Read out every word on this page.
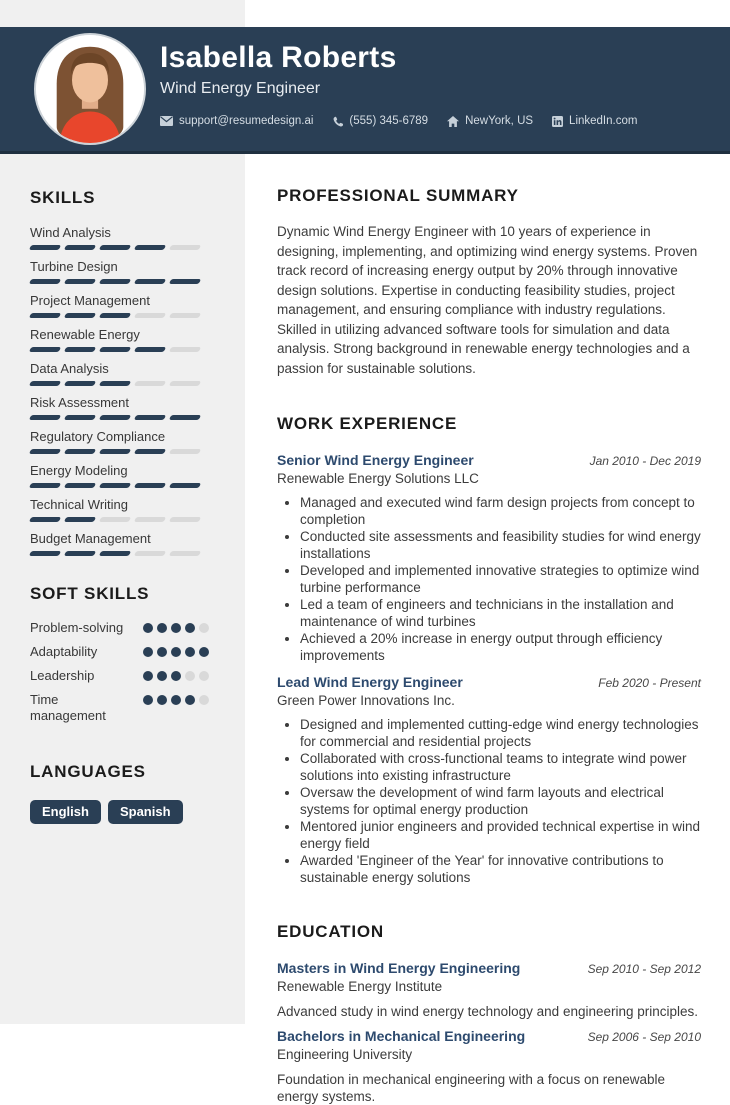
Isabella Roberts
Wind Energy Engineer
support@resumedesign.ai	(555) 345-6789	NewYork, US	LinkedIn.com
SKILLS
Wind Analysis
Turbine Design
Project Management
Renewable Energy
Data Analysis
Risk Assessment
Regulatory Compliance
Energy Modeling
Technical Writing
Budget Management
SOFT SKILLS
Problem-solving
Adaptability
Leadership
Time management
LANGUAGES
English	Spanish
PROFESSIONAL SUMMARY

Dynamic Wind Energy Engineer with 10 years of experience in designing, implementing, and optimizing wind energy systems. Proven track record of increasing energy output by 20% through innovative design solutions. Expertise in conducting feasibility studies, project management, and ensuring compliance with industry regulations. Skilled in utilizing advanced software tools for simulation and data analysis. Strong background in renewable energy technologies and a passion for sustainable solutions.

WORK EXPERIENCE
Senior Wind Energy Engineer	Jan 2010 - Dec 2019
Renewable Energy Solutions LLC
• Managed and executed wind farm design projects from concept to completion
• Conducted site assessments and feasibility studies for wind energy installations
• Developed and implemented innovative strategies to optimize wind turbine performance
• Led a team of engineers and technicians in the installation and maintenance of wind turbines
• Achieved a 20% increase in energy output through efficiency improvements
Lead Wind Energy Engineer	Feb 2020 - Present
Green Power Innovations Inc.
• Designed and implemented cutting-edge wind energy technologies for commercial and residential projects
• Collaborated with cross-functional teams to integrate wind power solutions into existing infrastructure
• Oversaw the development of wind farm layouts and electrical systems for optimal energy production
• Mentored junior engineers and provided technical expertise in wind energy field
• Awarded 'Engineer of the Year' for innovative contributions to sustainable energy solutions
EDUCATION
Masters in Wind Energy Engineering	Sep 2010 - Sep 2012
Renewable Energy Institute
Advanced study in wind energy technology and engineering principles.
Bachelors in Mechanical Engineering	Sep 2006 - Sep 2010
Engineering University
Foundation in mechanical engineering with a focus on renewable energy systems.
